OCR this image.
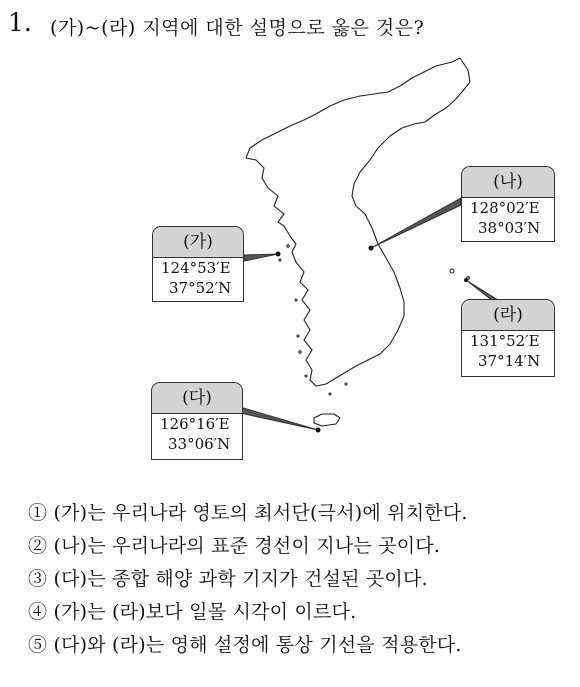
1. (가)~(라) 지역에 대한 설명으로 옳은 것은?
(가)
124°53′E
37°52′N
(나)
128°02′E
38°03′N
(라)
131°52′E
37°14′N
(다)
126°16′E
33°06′N
① (가)는 우리나라 영토의 최서단(극서)에 위치한다.
② (나)는 우리나라의 표준 경선이 지나는 곳이다.
③ (다)는 종합 해양 과학 기지가 건설된 곳이다.
④ (가)는 (라)보다 일몰 시각이 이르다.
⑤ (다)와 (라)는 영해 설정에 통상 기선을 적용한다.
